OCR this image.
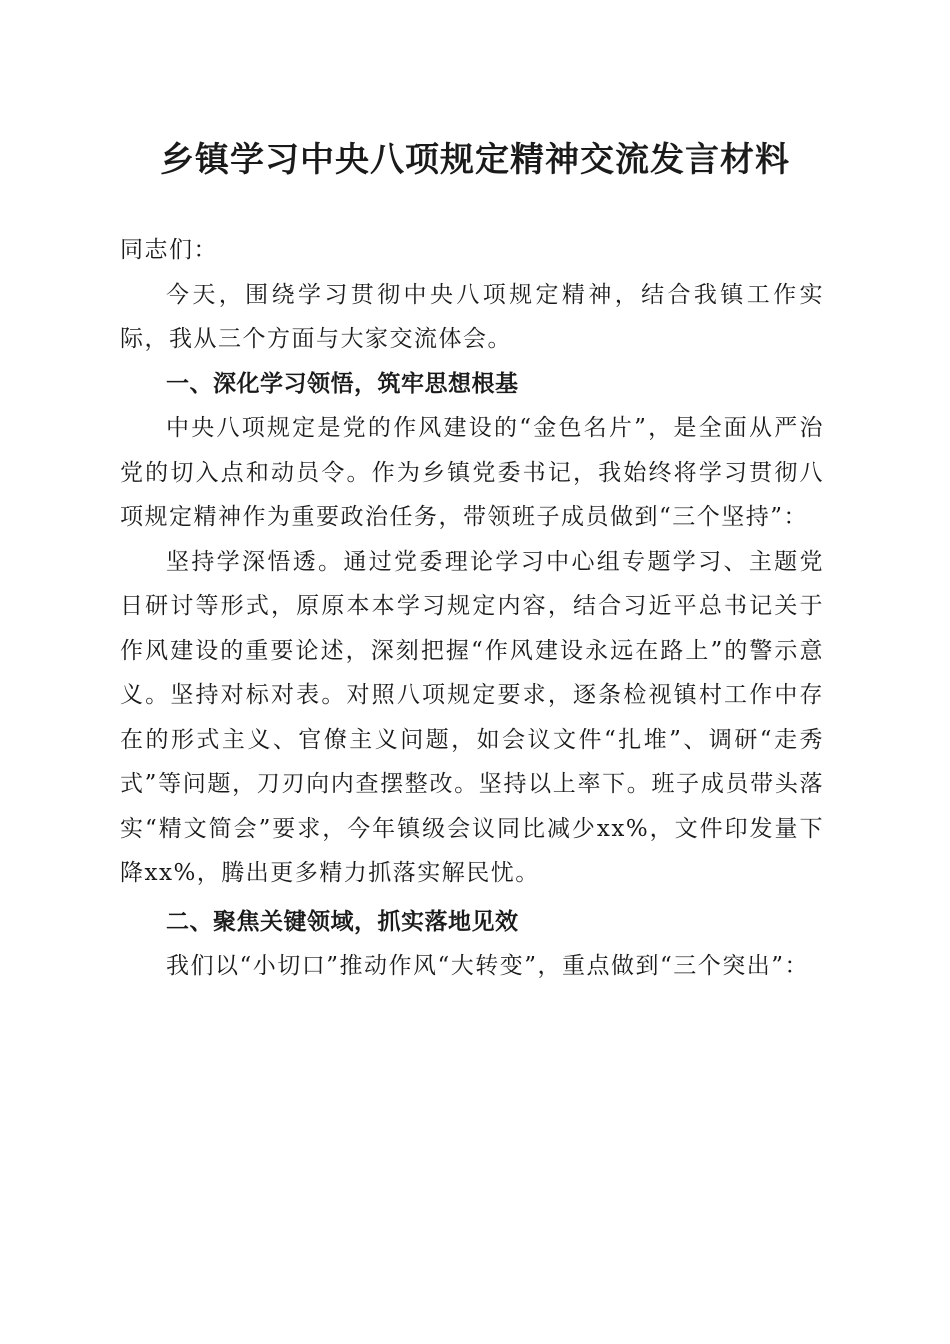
乡镇学习中央八项规定精神交流发言材料

同志们：

今天，围绕学习贯彻中央八项规定精神，结合我镇工作实际，我从三个方面与大家交流体会。

一、深化学习领悟，筑牢思想根基

中央八项规定是党的作风建设的“金色名片”，是全面从严治党的切入点和动员令。作为乡镇党委书记，我始终将学习贯彻八项规定精神作为重要政治任务，带领班子成员做到“三个坚持”：

坚持学深悟透。通过党委理论学习中心组专题学习、主题党日研讨等形式，原原本本学习规定内容，结合习近平总书记关于作风建设的重要论述，深刻把握“作风建设永远在路上”的警示意义。坚持对标对表。对照八项规定要求，逐条检视镇村工作中存在的形式主义、官僚主义问题，如会议文件“扎堆”、调研“走秀式”等问题，刀刃向内查摆整改。坚持以上率下。班子成员带头落实“精文简会”要求，今年镇级会议同比减少xx%，文件印发量下降xx%，腾出更多精力抓落实解民忧。

二、聚焦关键领域，抓实落地见效

我们以“小切口”推动作风“大转变”，重点做到“三个突出”：
